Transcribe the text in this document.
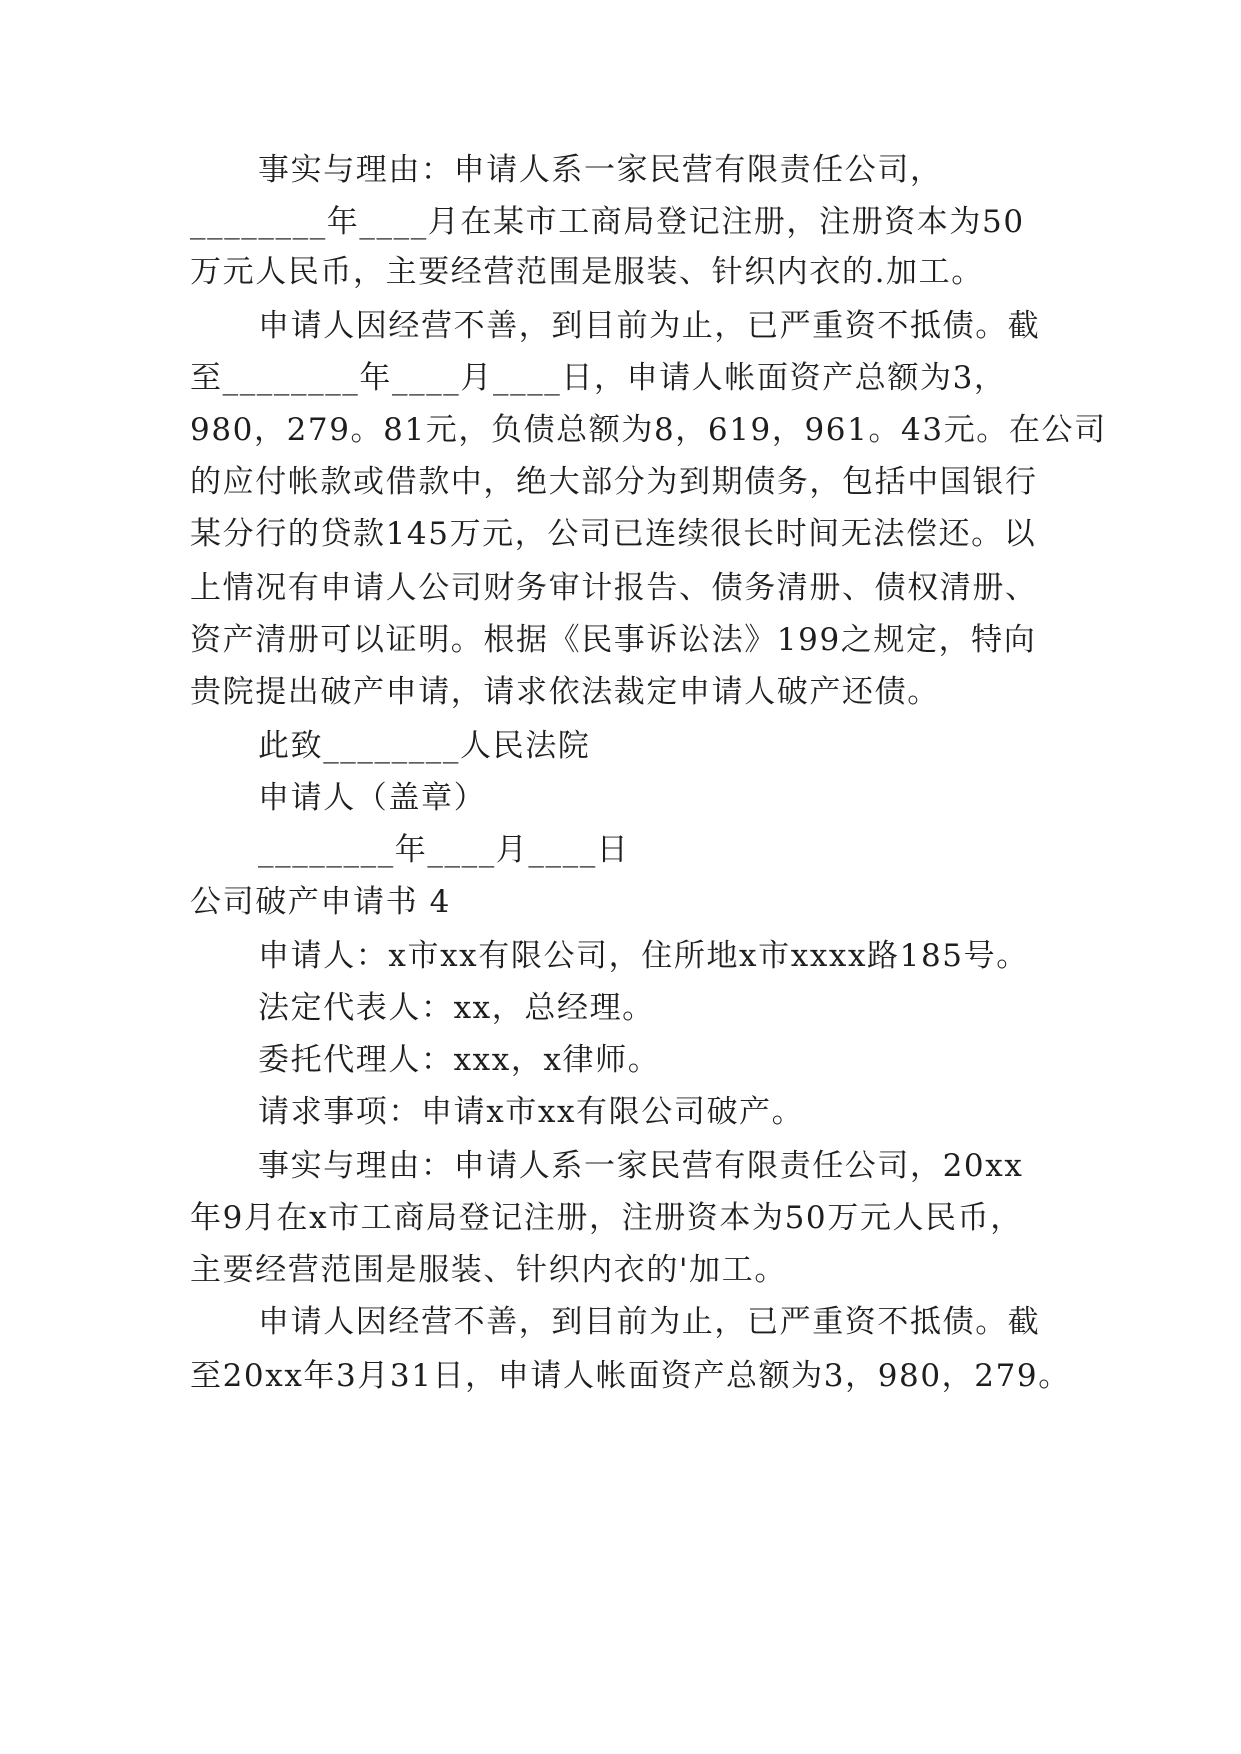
事实与理由：申请人系一家民营有限责任公司，
________年____月在某市工商局登记注册，注册资本为50
万元人民币，主要经营范围是服装、针织内衣的.加工。
申请人因经营不善，到目前为止，已严重资不抵债。截
至________年____月____日，申请人帐面资产总额为3，
980，279。81元，负债总额为8，619，961。43元。在公司
的应付帐款或借款中，绝大部分为到期债务，包括中国银行
某分行的贷款145万元，公司已连续很长时间无法偿还。以
上情况有申请人公司财务审计报告、债务清册、债权清册、
资产清册可以证明。根据《民事诉讼法》199之规定，特向
贵院提出破产申请，请求依法裁定申请人破产还债。
此致________人民法院
申请人（盖章）
________年____月____日
公司破产申请书 4
申请人：x市xx有限公司，住所地x市xxxx路185号。
法定代表人：xx，总经理。
委托代理人：xxx，x律师。
请求事项：申请x市xx有限公司破产。
事实与理由：申请人系一家民营有限责任公司，20xx
年9月在x市工商局登记注册，注册资本为50万元人民币，
主要经营范围是服装、针织内衣的'加工。
申请人因经营不善，到目前为止，已严重资不抵债。截
至20xx年3月31日，申请人帐面资产总额为3，980，279。
